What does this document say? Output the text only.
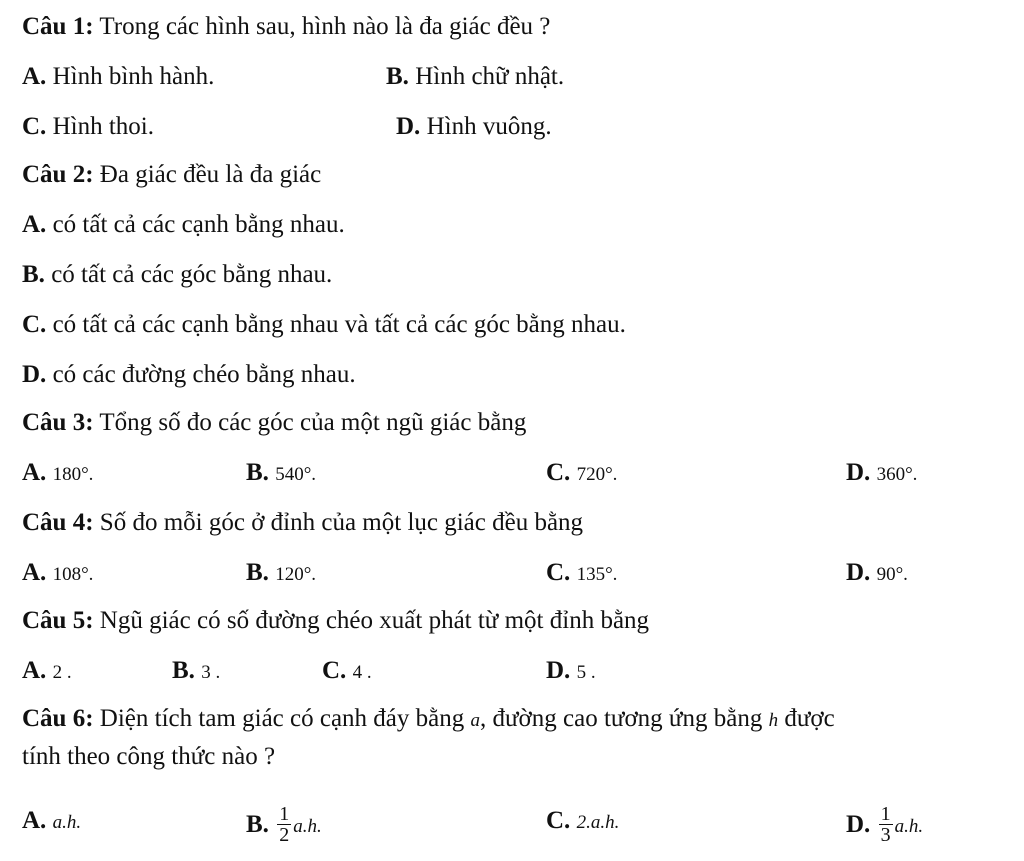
Câu 1: Trong các hình sau, hình nào là đa giác đều ?
A. Hình bình hành.	B. Hình chữ nhật.
C. Hình thoi.	D. Hình vuông.
Câu 2: Đa giác đều là đa giác
A. có tất cả các cạnh bằng nhau.
B. có tất cả các góc bằng nhau.
C. có tất cả các cạnh bằng nhau và tất cả các góc bằng nhau.
D. có các đường chéo bằng nhau.
Câu 3: Tổng số đo các góc của một ngũ giác bằng
A. 180°.	B. 540°.	C. 720°.	D. 360°.
Câu 4: Số đo mỗi góc ở đỉnh của một lục giác đều bằng
A. 108°.	B. 120°.	C. 135°.	D. 90°.
Câu 5: Ngũ giác có số đường chéo xuất phát từ một đỉnh bằng
A. 2 .	B. 3 .	C. 4 .	D. 5 .
Câu 6: Diện tích tam giác có cạnh đáy bằng a, đường cao tương ứng bằng h được
tính theo công thức nào ?
A. a.h.	B. $\frac{1}{2} a.h$.	C. 2.a.h.	D. $\frac{1}{3} a.h$.
